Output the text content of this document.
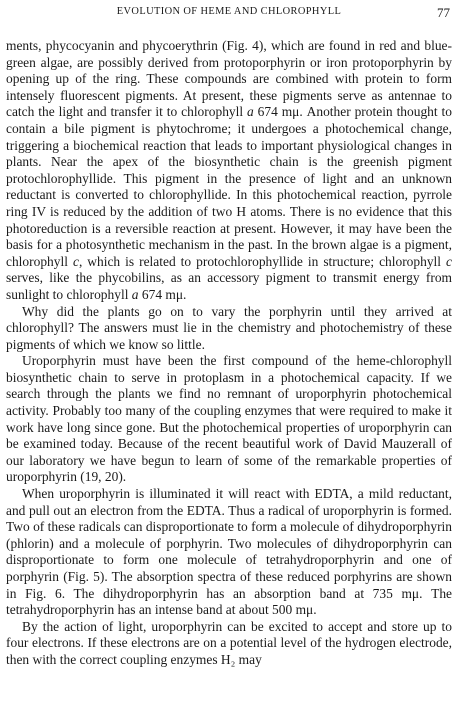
EVOLUTION OF HEME AND CHLOROPHYLL	77

ments, phycocyanin and phycoerythrin (Fig. 4), which are found in red and blue-green algae, are possibly derived from protoporphyrin or iron protoporphyrin by opening up of the ring. These compounds are combined with protein to form intensely fluorescent pigments. At present, these pigments serve as antennae to catch the light and transfer it to chlorophyll a 674 mμ. Another protein thought to contain a bile pigment is phytochrome; it undergoes a photochemical change, triggering a biochemical reaction that leads to important physiological changes in plants. Near the apex of the biosynthetic chain is the greenish pigment protochlorophyllide. This pigment in the presence of light and an unknown reductant is converted to chlorophyllide. In this photochemical reaction, pyrrole ring IV is reduced by the addition of two H atoms. There is no evidence that this photoreduction is a reversible reaction at present. However, it may have been the basis for a photosynthetic mechanism in the past. In the brown algae is a pigment, chlorophyll c, which is related to protochlorophyllide in structure; chlorophyll c serves, like the phycobilins, as an accessory pigment to transmit energy from sunlight to chlorophyll a 674 mμ.

Why did the plants go on to vary the porphyrin until they arrived at chlorophyll? The answers must lie in the chemistry and photochemistry of these pigments of which we know so little.

Uroporphyrin must have been the first compound of the heme-chlorophyll biosynthetic chain to serve in protoplasm in a photochemical capacity. If we search through the plants we find no remnant of uroporphyrin photochemical activity. Probably too many of the coupling enzymes that were required to make it work have long since gone. But the photochemical properties of uroporphyrin can be examined today. Because of the recent beautiful work of David Mauzerall of our laboratory we have begun to learn of some of the remarkable properties of uroporphyrin (19, 20).

When uroporphyrin is illuminated it will react with EDTA, a mild reductant, and pull out an electron from the EDTA. Thus a radical of uroporphyrin is formed. Two of these radicals can disproportionate to form a molecule of dihydroporphyrin (phlorin) and a molecule of porphyrin. Two molecules of dihydroporphyrin can disproportionate to form one molecule of tetrahydroporphyrin and one of porphyrin (Fig. 5). The absorption spectra of these reduced porphyrins are shown in Fig. 6. The dihydroporphyrin has an absorption band at 735 mμ. The tetrahydroporphyrin has an intense band at about 500 mμ.

By the action of light, uroporphyrin can be excited to accept and store up to four electrons. If these electrons are on a potential level of the hydrogen electrode, then with the correct coupling enzymes H₂ may
